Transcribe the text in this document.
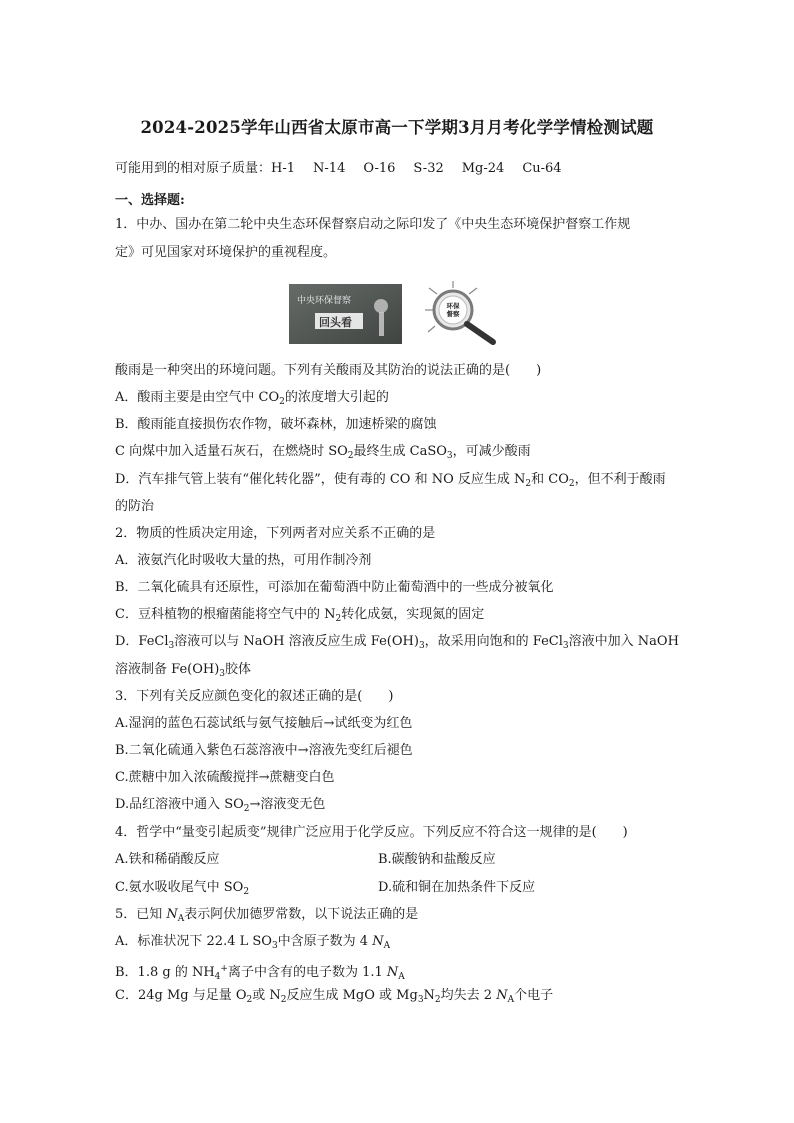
2024-2025学年山西省太原市高一下学期3月月考化学学情检测试题
可能用到的相对原子质量：H-1 N-14 O-16 S-32 Mg-24 Cu-64
一、选择题:
1．中办、国办在第二轮中央生态环保督察启动之际印发了《中央生态环境保护督察工作规
定》可见国家对环境保护的重视程度。
中央环保督察
回头看
环保
督察
酸雨是一种突出的环境问题。下列有关酸雨及其防治的说法正确的是(　　)
A．酸雨主要是由空气中 $CO_2$的浓度增大引起的
B．酸雨能直接损伤农作物，破坏森林，加速桥梁的腐蚀
C 向煤中加入适量石灰石，在燃烧时 $SO_2$最终生成 CaSO$_3$，可减少酸雨
D．汽车排气管上装有“催化转化器”，使有毒的 CO 和 NO 反应生成 $N_2$和 $CO_2$，但不利于酸雨
的防治
2．物质的性质决定用途，下列两者对应关系不正确的是
A．液氨汽化时吸收大量的热，可用作制冷剂
B．二氧化硫具有还原性，可添加在葡萄酒中防止葡萄酒中的一些成分被氧化
C．豆科植物的根瘤菌能将空气中的 $N_2$转化成氨，实现氮的固定
D．FeCl$_3$溶液可以与 NaOH 溶液反应生成 $Fe(OH)_3$，故采用向饱和的 FeCl$_3$溶液中加入 NaOH
溶液制备 $Fe(OH)_3$胶体
3．下列有关反应颜色变化的叙述正确的是(　　)
A.湿润的蓝色石蕊试纸与氨气接触后→试纸变为红色
B.二氧化硫通入紫色石蕊溶液中→溶液先变红后褪色
C.蔗糖中加入浓硫酸搅拌→蔗糖变白色
D.品红溶液中通入 $SO_2\to$溶液变无色
4．哲学中“量变引起质变”规律广泛应用于化学反应。下列反应不符合这一规律的是(　　)
A.铁和稀硝酸反应	B.碳酸钠和盐酸反应
C.氨水吸收尾气中 $SO_2$	D.硫和铜在加热条件下反应
5．已知 $N_A$表示阿伏加德罗常数，以下说法正确的是
A．标准状况下 22.4 L $SO_3$中含原子数为 4 $N_A$
B．1.8 g 的 $NH_4^+$离子中含有的电子数为 1.1 $N_A$
C．24g Mg 与足量 $O_2$或 $N_2$反应生成 MgO 或 $Mg_3N_2$均失去 2 $N_A$个电子
